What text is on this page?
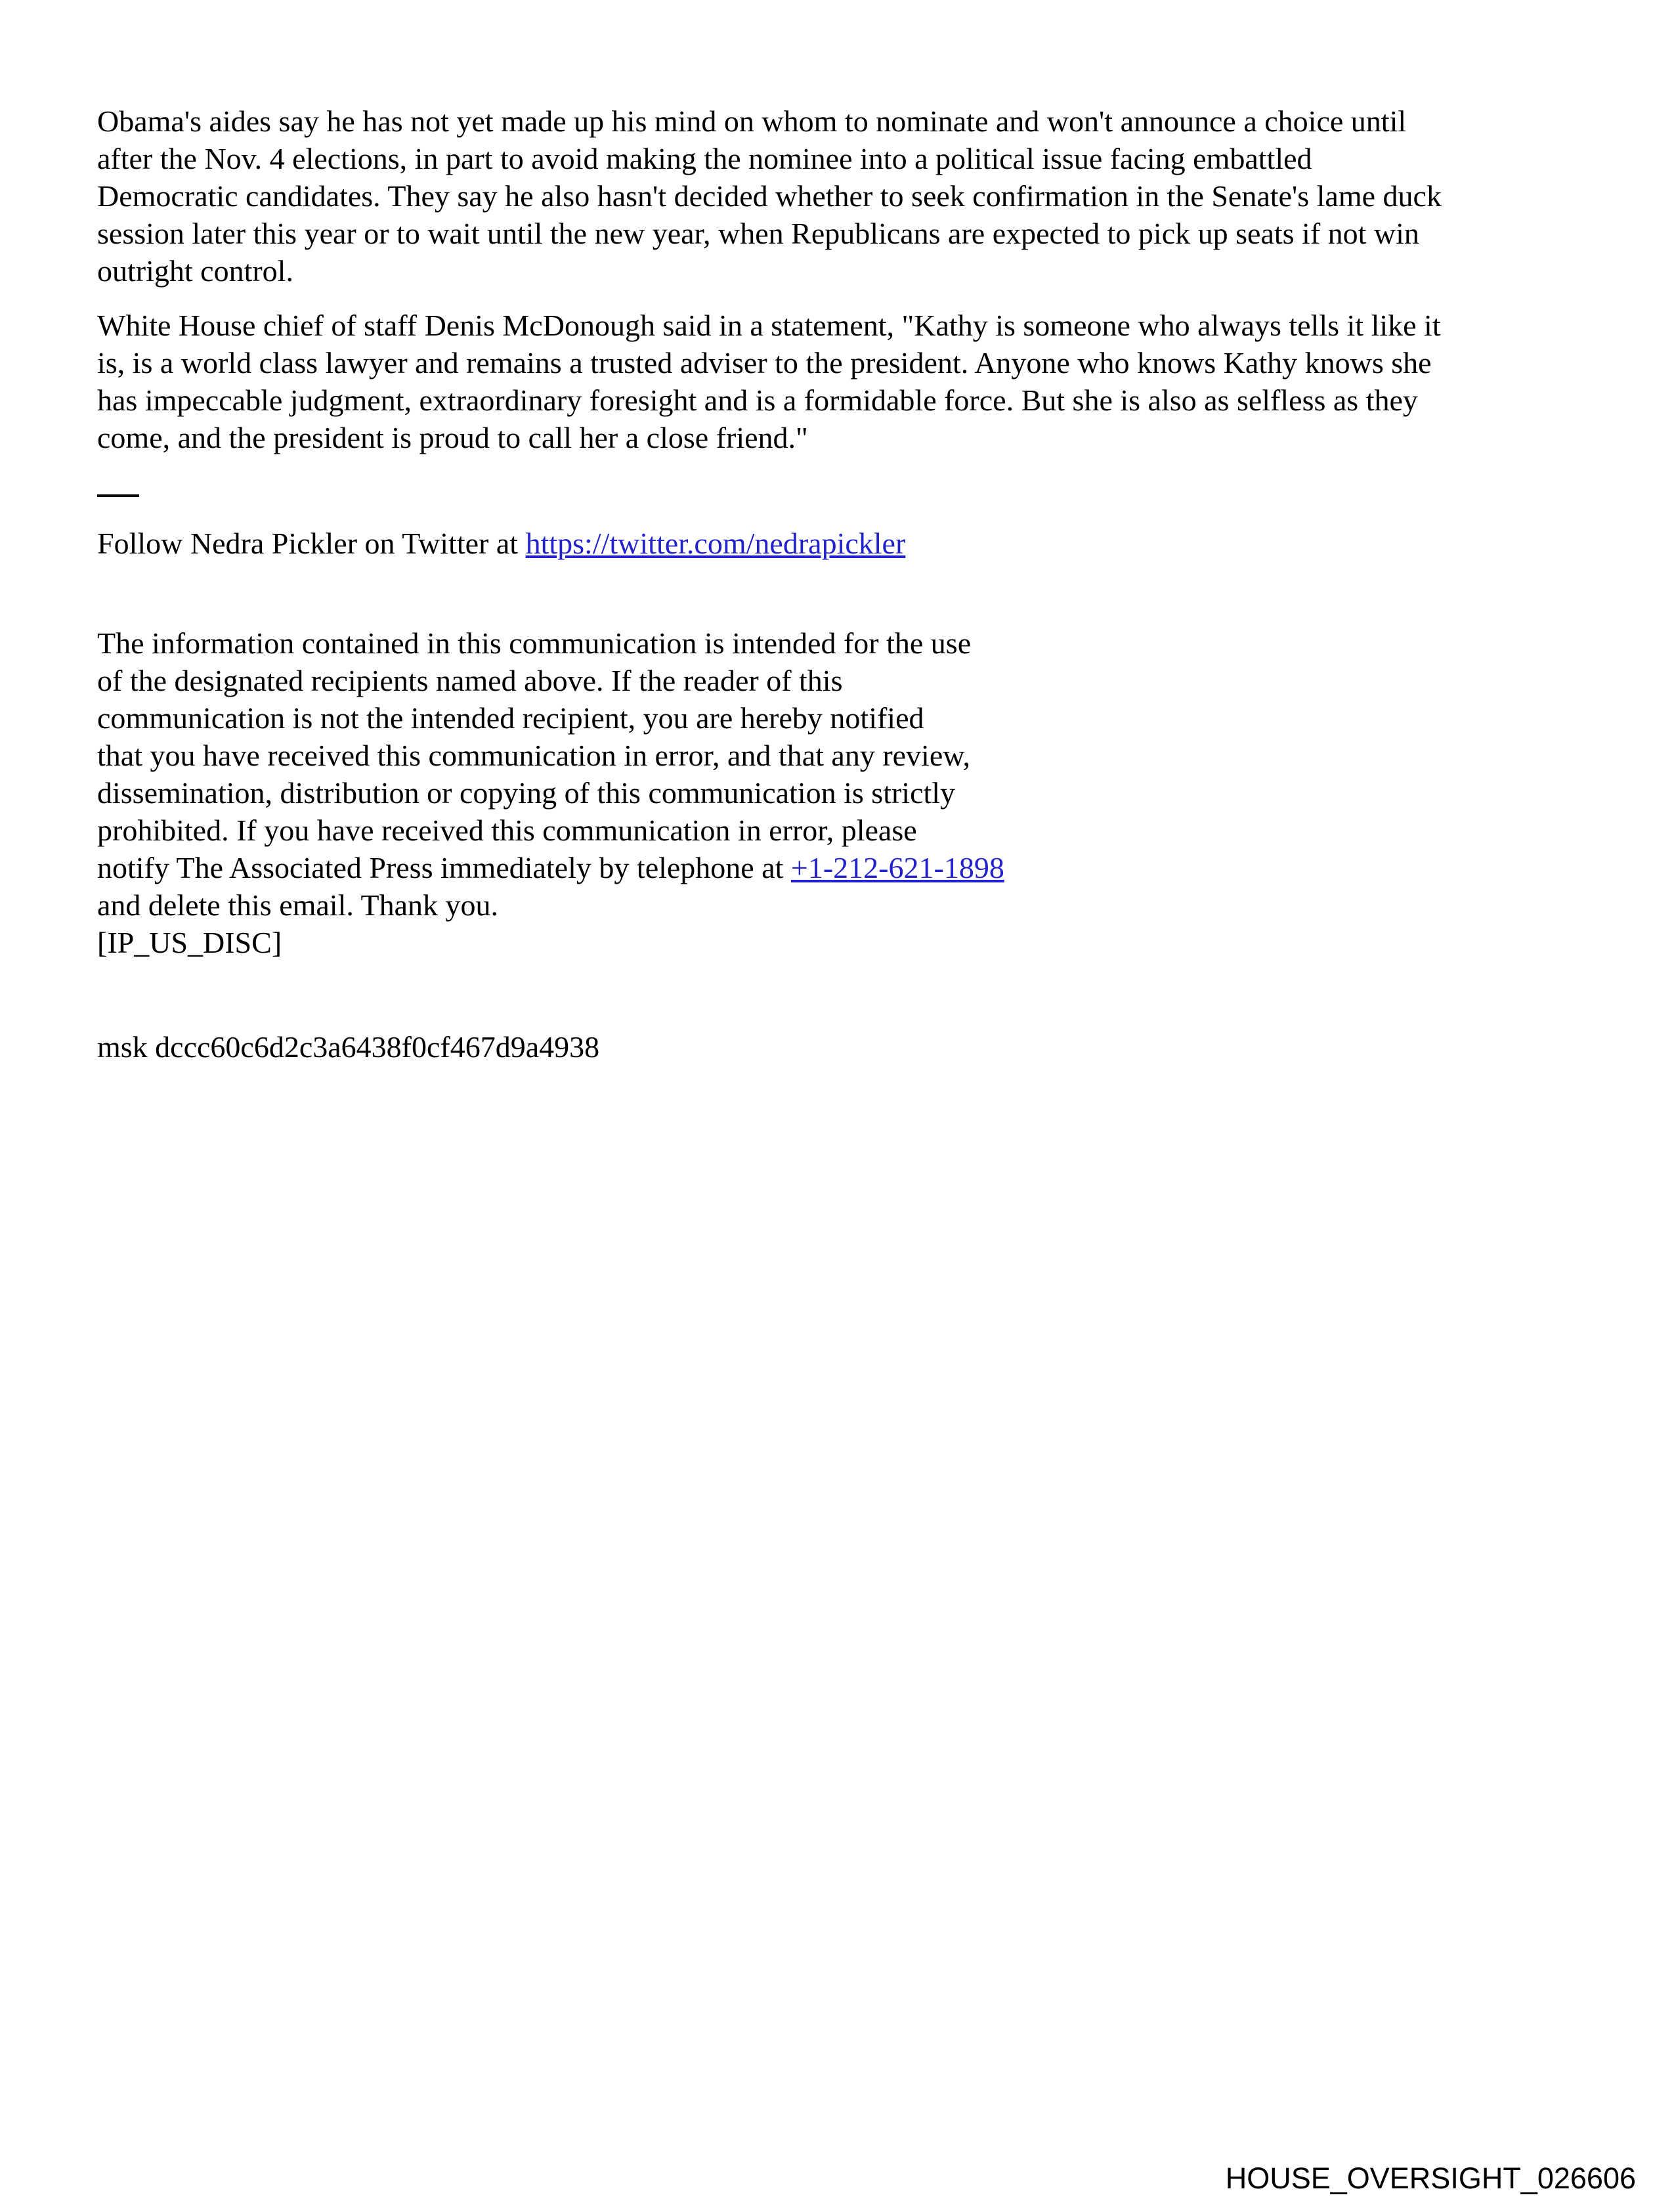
Obama's aides say he has not yet made up his mind on whom to nominate and won't announce a choice until
after the Nov. 4 elections, in part to avoid making the nominee into a political issue facing embattled
Democratic candidates. They say he also hasn't decided whether to seek confirmation in the Senate's lame duck
session later this year or to wait until the new year, when Republicans are expected to pick up seats if not win
outright control.
White House chief of staff Denis McDonough said in a statement, "Kathy is someone who always tells it like it
is, is a world class lawyer and remains a trusted adviser to the president. Anyone who knows Kathy knows she
has impeccable judgment, extraordinary foresight and is a formidable force. But she is also as selfless as they
come, and the president is proud to call her a close friend."
Follow Nedra Pickler on Twitter at https://twitter.com/nedrapickler
The information contained in this communication is intended for the use
of the designated recipients named above. If the reader of this
communication is not the intended recipient, you are hereby notified
that you have received this communication in error, and that any review,
dissemination, distribution or copying of this communication is strictly
prohibited. If you have received this communication in error, please
notify The Associated Press immediately by telephone at +1-212-621-1898
and delete this email. Thank you.
[IP_US_DISC]
msk dccc60c6d2c3a6438f0cf467d9a4938
HOUSE_OVERSIGHT_026606
